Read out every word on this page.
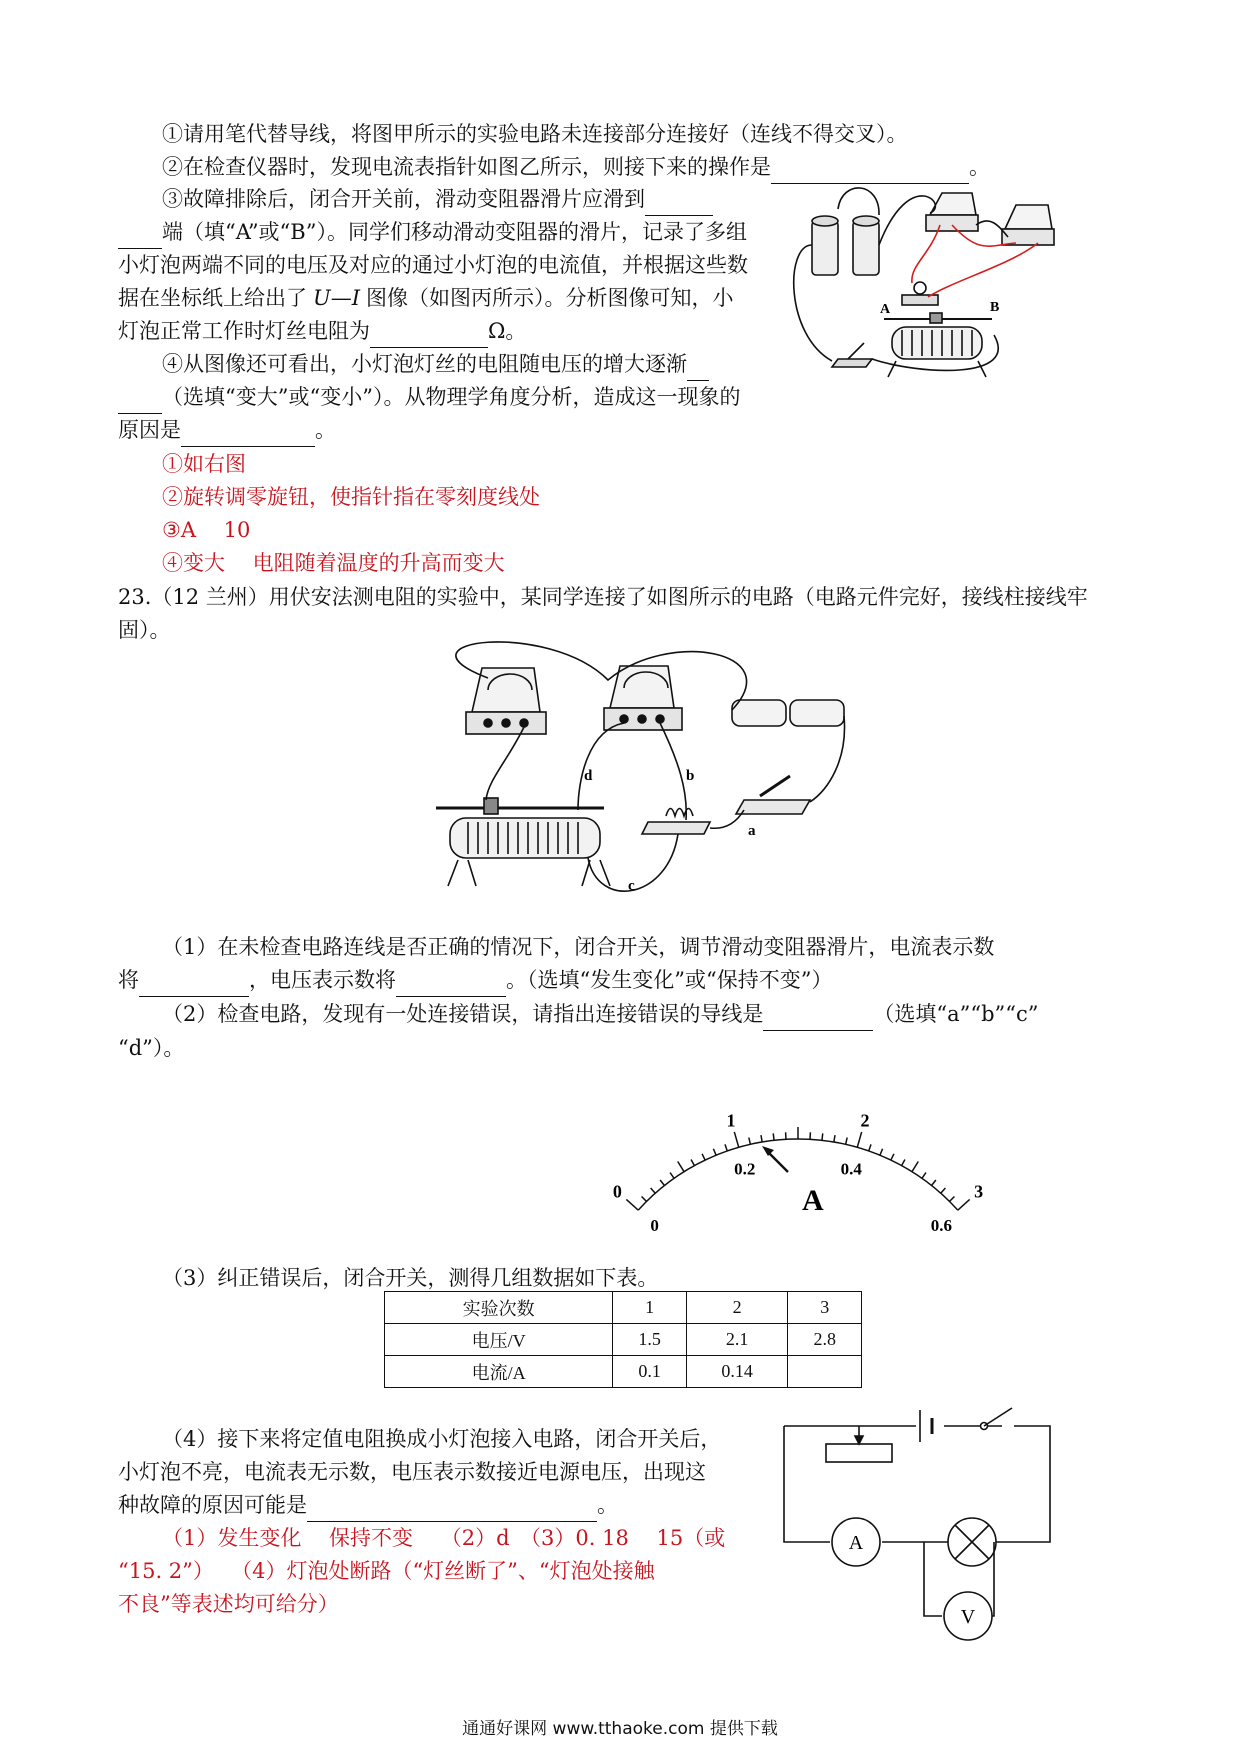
①请用笔代替导线，将图甲所示的实验电路未连接部分连接好（连线不得交叉）。
②在检查仪器时，发现电流表指针如图乙所示，则接下来的操作是	。
③故障排除后，闭合开关前，滑动变阻器滑片应滑到
端（填“A”或“B”）。同学们移动滑动变阻器的滑片，记录了多组
小灯泡两端不同的电压及对应的通过小灯泡的电流值，并根据这些数
据在坐标纸上给出了 U—I 图像（如图丙所示）。分析图像可知，小
灯泡正常工作时灯丝电阻为	Ω。
④从图像还可看出，小灯泡灯丝的电阻随电压的增大逐渐
（选填“变大”或“变小”）。从物理学角度分析，造成这一现象的
原因是	。
①如右图
②旋转调零旋钮，使指针指在零刻度线处
③A　 10
④变大　 电阻随着温度的升高而变大
A	B
23.（12 兰州）用伏安法测电阻的实验中，某同学连接了如图所示的电路（电路元件完好，接线柱接线牢
固）。
d	b
a
c
（1）在未检查电路连线是否正确的情况下，闭合开关，调节滑动变阻器滑片，电流表示数
将	，电压表示数将	。（选填“发生变化”或“保持不变”）
（2）检查电路，发现有一处连接错误，请指出连接错误的导线是	（选填“a”“b”“c”
“d”）。
0
1	2
3
0
0.2	0.4
0.6
A
（3）纠正错误后，闭合开关，测得几组数据如下表。
实验次数	1	2	3
电压/V	1.5	2.1	2.8
电流/A	0.1	0.14	
（4）接下来将定值电阻换成小灯泡接入电路，闭合开关后，
小灯泡不亮，电流表无示数，电压表示数接近电源电压，出现这
种故障的原因可能是	。
（1）发生变化　 保持不变　 （2）d　（3）0. 18　 15（或
“15. 2”）　 （4）灯泡处断路（“灯丝断了”、“灯泡处接触
不良”等表述均可给分）
A
V
通通好课网 www.tthaoke.com 提供下载
